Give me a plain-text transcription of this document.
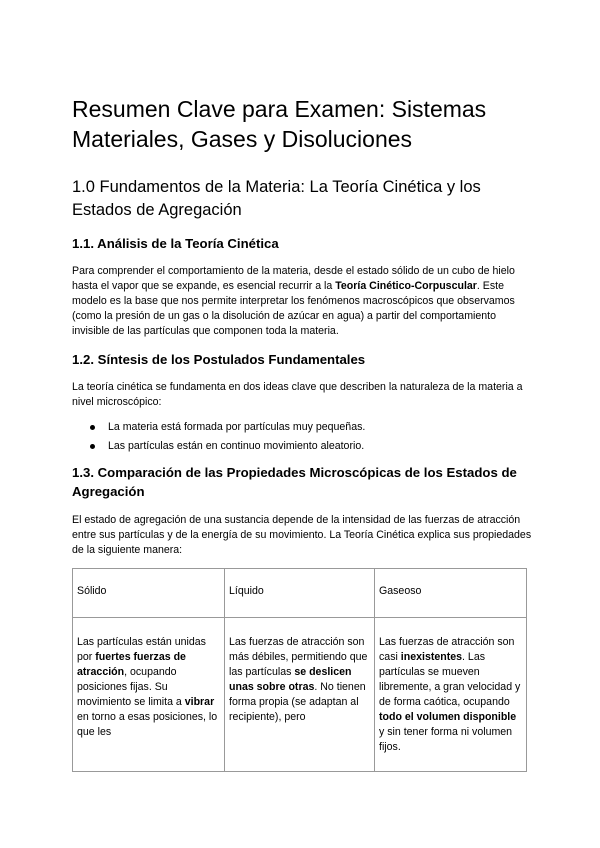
Resumen Clave para Examen: Sistemas Materiales, Gases y Disoluciones
1.0 Fundamentos de la Materia: La Teoría Cinética y los Estados de Agregación
1.1. Análisis de la Teoría Cinética

Para comprender el comportamiento de la materia, desde el estado sólido de un cubo de hielo hasta el vapor que se expande, es esencial recurrir a la Teoría Cinético-Corpuscular. Este modelo es la base que nos permite interpretar los fenómenos macroscópicos que observamos (como la presión de un gas o la disolución de azúcar en agua) a partir del comportamiento invisible de las partículas que componen toda la materia.

1.2. Síntesis de los Postulados Fundamentales

La teoría cinética se fundamenta en dos ideas clave que describen la naturaleza de la materia a nivel microscópico:

La materia está formada por partículas muy pequeñas.
Las partículas están en continuo movimiento aleatorio.
1.3. Comparación de las Propiedades Microscópicas de los Estados de Agregación

El estado de agregación de una sustancia depende de la intensidad de las fuerzas de atracción entre sus partículas y de la energía de su movimiento. La Teoría Cinética explica sus propiedades de la siguiente manera:

Sólido	Líquido	Gaseoso
Las partículas están unidas por fuertes fuerzas de atracción, ocupando posiciones fijas. Su movimiento se limita a vibrar en torno a esas posiciones, lo que les	Las fuerzas de atracción son más débiles, permitiendo que las partículas se deslicen unas sobre otras. No tienen forma propia (se adaptan al recipiente), pero	Las fuerzas de atracción son casi inexistentes. Las partículas se mueven libremente, a gran velocidad y de forma caótica, ocupando todo el volumen disponible y sin tener forma ni volumen fijos.
